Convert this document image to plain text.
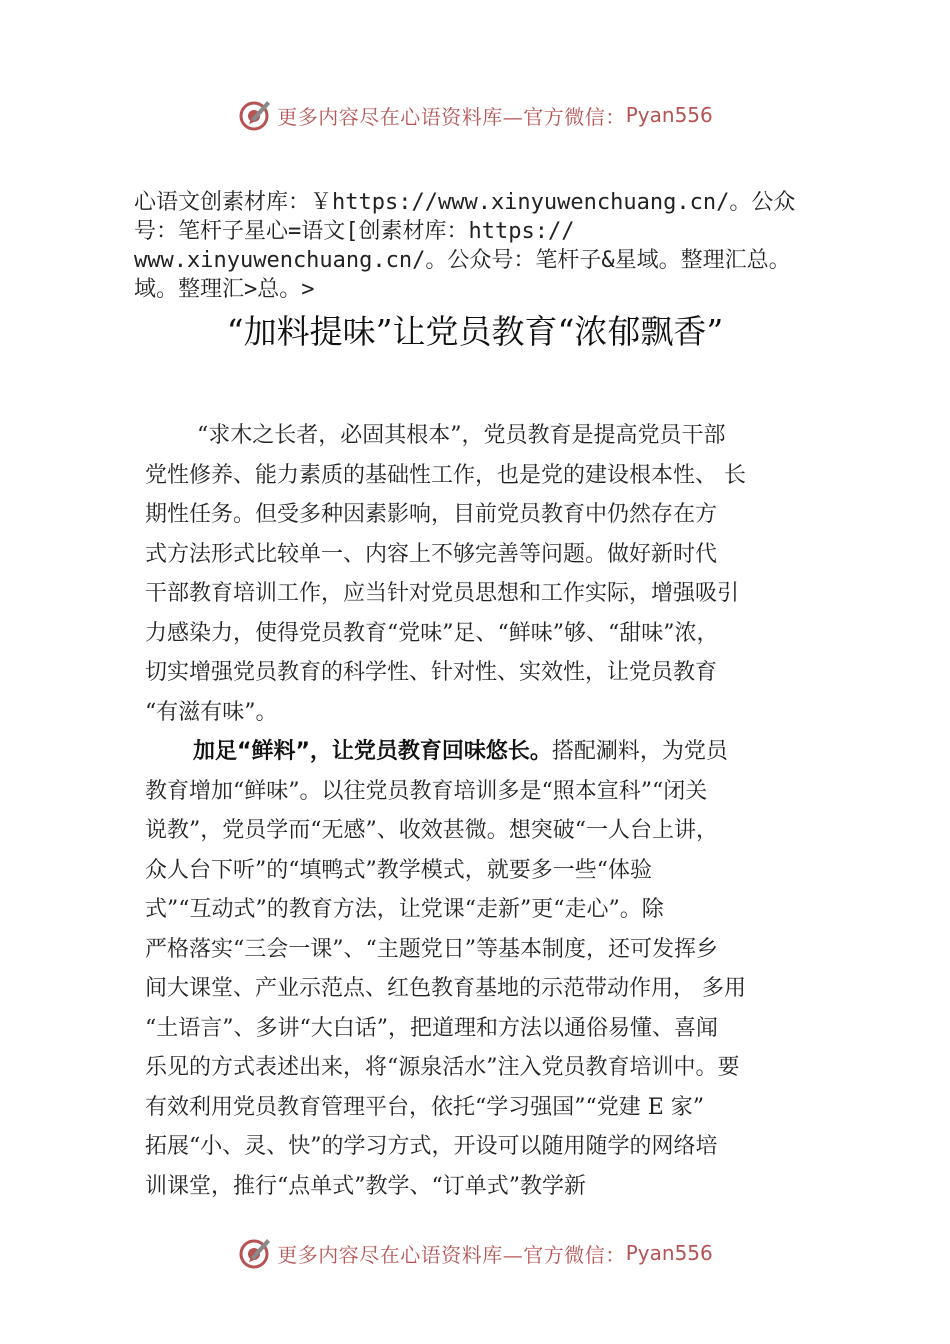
更多内容尽在心语资料库—官方微信： Pyan556
心语文创素材库：￥https://www.xinyuwenchuang.cn/。公众
号：笔杆子星心=语文[创素材库：https://
www.xinyuwenchuang.cn/。公众号：笔杆子&星域。整理汇总。
域。整理汇>总。>
“加料提味”让党员教育“浓郁飘香”
“求木之长者，必固其根本”，党员教育是提高党员干部
党性修养、能力素质的基础性工作，也是党的建设根本性、 长
期性任务。但受多种因素影响，目前党员教育中仍然存在方
式方法形式比较单一、内容上不够完善等问题。做好新时代
干部教育培训工作，应当针对党员思想和工作实际，增强吸引
力感染力，使得党员教育“党味”足、“鲜味”够、“甜味”浓，
切实增强党员教育的科学性、针对性、实效性，让党员教育
“有滋有味”。
加足“鲜料”，让党员教育回味悠长。搭配涮料，为党员
教育增加“鲜味”。以往党员教育培训多是“照本宣科”“闭关
说教”，党员学而“无感”、收效甚微。想突破“一人台上讲，
众人台下听”的“填鸭式”教学模式，就要多一些“体验
式”“互动式”的教育方法，让党课“走新”更“走心”。除
严格落实“三会一课”、“主题党日”等基本制度，还可发挥乡
间大课堂、产业示范点、红色教育基地的示范带动作用， 多用
“土语言”、多讲“大白话”，把道理和方法以通俗易懂、喜闻
乐见的方式表述出来，将“源泉活水”注入党员教育培训中。要
有效利用党员教育管理平台，依托“学习强国”“党建 E 家”
拓展“小、灵、快”的学习方式，开设可以随用随学的网络培
训课堂，推行“点单式”教学、“订单式”教学新
更多内容尽在心语资料库—官方微信： Pyan556
